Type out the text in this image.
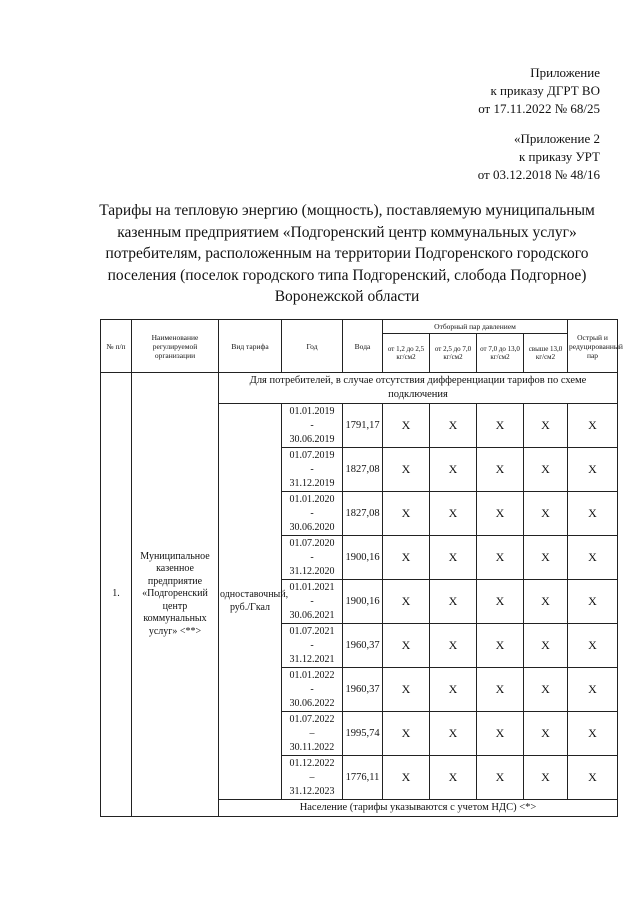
Приложение
к приказу ДГРТ ВО
от 17.11.2022 № 68/25
«Приложение 2
к приказу УРТ
от 03.12.2018 № 48/16
Тарифы на тепловую энергию (мощность), поставляемую муниципальным
казенным предприятием «Подгоренский центр коммунальных услуг»
потребителям, расположенным на территории Подгоренского городского
поселения (поселок городского типа Подгоренский, слобода Подгорное)
Воронежской области
№ п/п	Наименование регулируемой организации	Вид тарифа	Год	Вода	Отборный пар давлением				Острый и редуцированный пар
					от 1,2 до 2,5 кг/см2	от 2,5 до 7,0 кг/см2	от 7,0 до 13,0 кг/см2	свыше 13,0 кг/см2	
1.	Муниципальное казенное предприятие «Подгоренский центр коммунальных услуг» <**>	Для потребителей, в случае отсутствия дифференциации тарифов по схеме подключения							
		одноставочный, руб./Гкал	01.01.2019
-
30.06.2019	1791,17	X	X	X	X	X

			01.07.2019
-
31.12.2019	1827,08	X	X	X	X	X

			01.01.2020
-
30.06.2020	1827,08	X	X	X	X	X

			01.07.2020
-
31.12.2020	1900,16	X	X	X	X	X

			01.01.2021
-
30.06.2021	1900,16	X	X	X	X	X

			01.07.2021
-
31.12.2021	1960,37	X	X	X	X	X

			01.01.2022
-
30.06.2022	1960,37	X	X	X	X	X

			01.07.2022
–
30.11.2022	1995,74	X	X	X	X	X

			01.12.2022
–
31.12.2023	1776,11	X	X	X	X	X
		Население (тарифы указываются с учетом НДС) <*>							
